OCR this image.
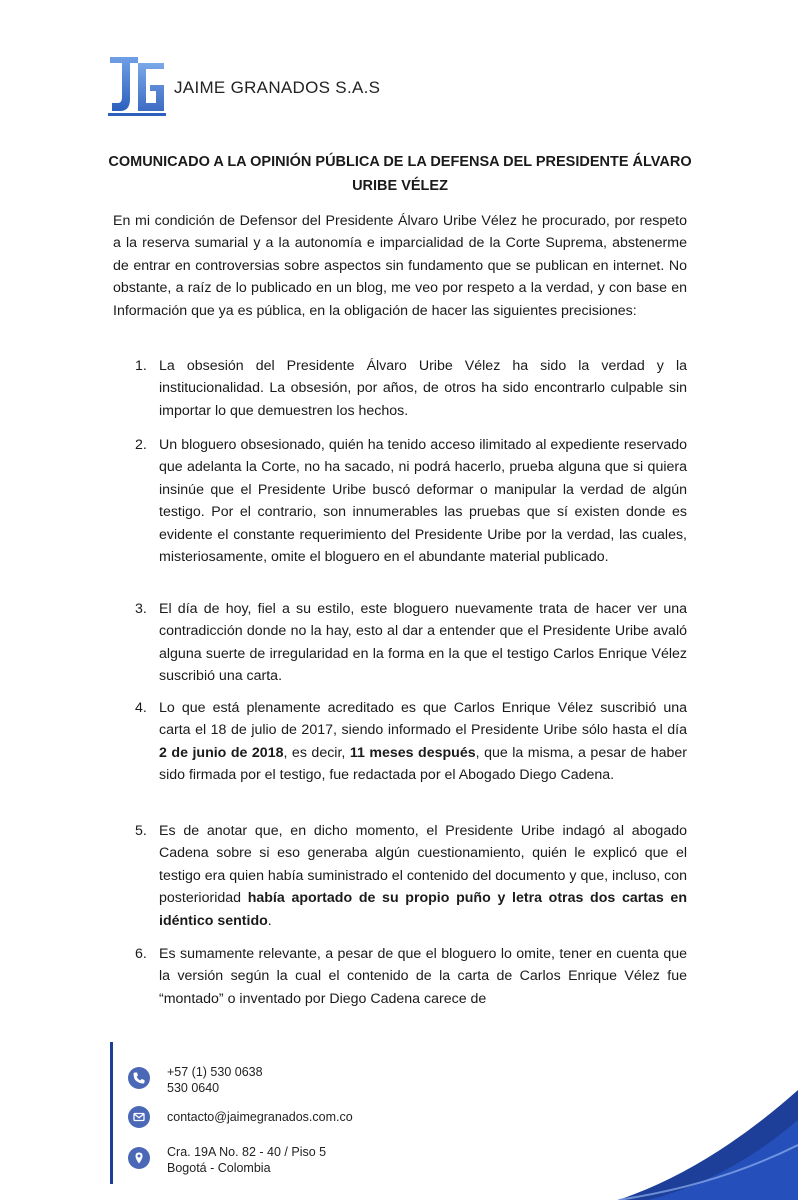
JAIME GRANADOS S.A.S
COMUNICADO A LA OPINIÓN PÚBLICA DE LA DEFENSA DEL PRESIDENTE ÁLVARO
URIBE VÉLEZ
En mi condición de Defensor del Presidente Álvaro Uribe Vélez he procurado, por respeto a la reserva sumarial y a la autonomía e imparcialidad de la Corte Suprema, abstenerme de entrar en controversias sobre aspectos sin fundamento que se publican en internet. No obstante, a raíz de lo publicado en un blog, me veo por respeto a la verdad, y con base en Información que ya es pública, en la obligación de hacer las siguientes precisiones:
1. La obsesión del Presidente Álvaro Uribe Vélez ha sido la verdad y la institucionalidad. La obsesión, por años, de otros ha sido encontrarlo culpable sin importar lo que demuestren los hechos.
2. Un bloguero obsesionado, quién ha tenido acceso ilimitado al expediente reservado que adelanta la Corte, no ha sacado, ni podrá hacerlo, prueba alguna que si quiera insinúe que el Presidente Uribe buscó deformar o manipular la verdad de algún testigo. Por el contrario, son innumerables las pruebas que sí existen donde es evidente el constante requerimiento del Presidente Uribe por la verdad, las cuales, misteriosamente, omite el bloguero en el abundante material publicado.
3. El día de hoy, fiel a su estilo, este bloguero nuevamente trata de hacer ver una contradicción donde no la hay, esto al dar a entender que el Presidente Uribe avaló alguna suerte de irregularidad en la forma en la que el testigo Carlos Enrique Vélez suscribió una carta.
4. Lo que está plenamente acreditado es que Carlos Enrique Vélez suscribió una carta el 18 de julio de 2017, siendo informado el Presidente Uribe sólo hasta el día 2 de junio de 2018, es decir, 11 meses después, que la misma, a pesar de haber sido firmada por el testigo, fue redactada por el Abogado Diego Cadena.
5. Es de anotar que, en dicho momento, el Presidente Uribe indagó al abogado Cadena sobre si eso generaba algún cuestionamiento, quién le explicó que el testigo era quien había suministrado el contenido del documento y que, incluso, con posterioridad había aportado de su propio puño y letra otras dos cartas en idéntico sentido.
6. Es sumamente relevante, a pesar de que el bloguero lo omite, tener en cuenta que la versión según la cual el contenido de la carta de Carlos Enrique Vélez fue “montado” o inventado por Diego Cadena carece de
+57 (1) 530 0638
530 0640
contacto@jaimegranados.com.co
Cra. 19A No. 82 - 40 / Piso 5
Bogotá - Colombia
